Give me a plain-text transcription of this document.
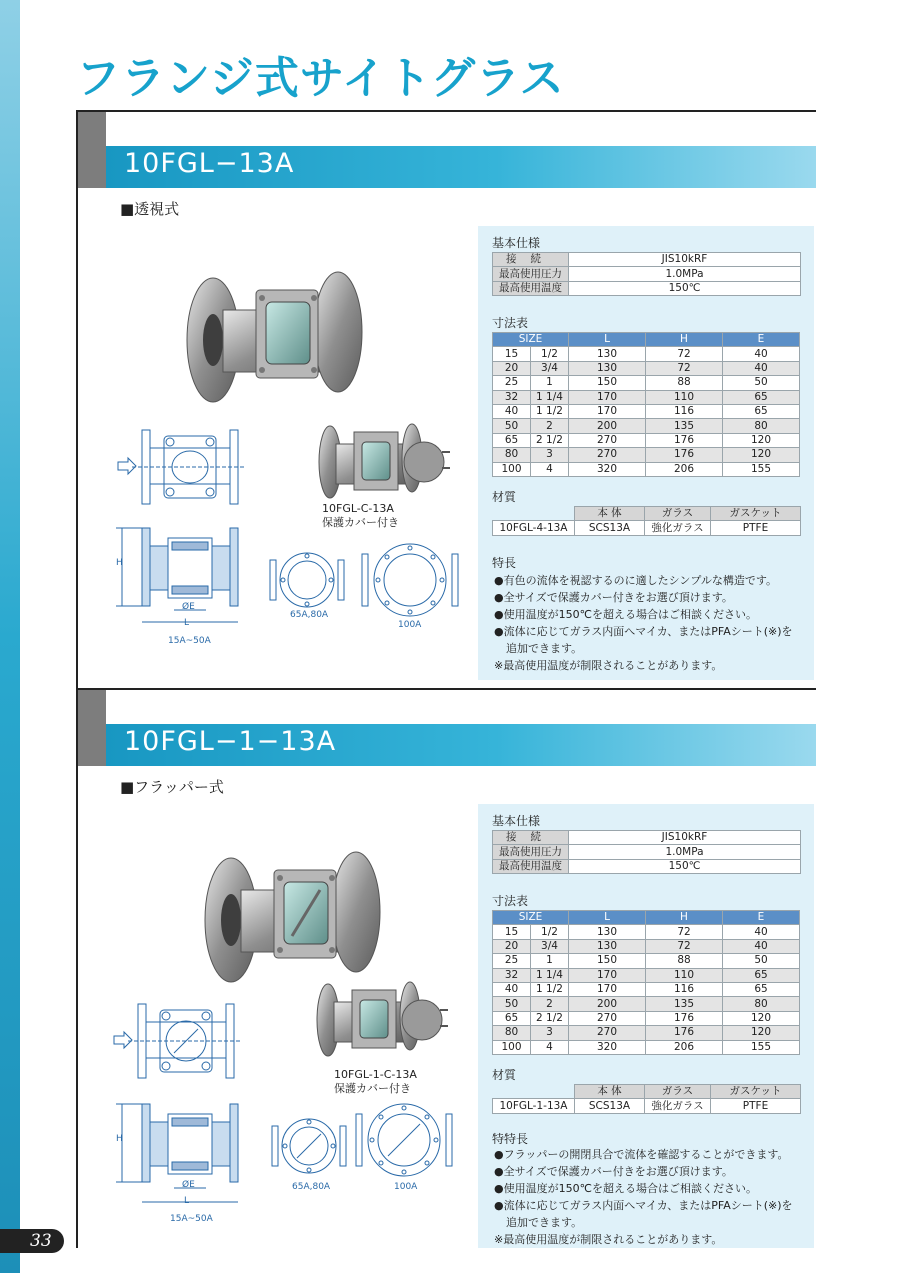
フランジ式サイトグラス
10FGL−13A
■透視式
10FGL-C-13A
保護カバー付き
H
ØE
L
15A~50A
65A,80A
100A
基本仕様
接続	JIS10kRF
最高使用圧力	1.0MPa
最高使用温度	150℃
寸法表
SIZE		L	H	E
15	1/2	130	72	40
20	3/4	130	72	40
25	1	150	88	50
32	1 1/4	170	110	65
40	1 1/2	170	116	65
50	2	200	135	80
65	2 1/2	270	176	120
80	3	270	176	120
100	4	320	206	155
材質
	本 体	ガラス	ガスケット
10FGL-4-13A	SCS13A	強化ガラス	PTFE
特長
●有色の流体を視認するのに適したシンプルな構造です。
●全サイズで保護カバー付きをお選び頂けます。
●使用温度が150℃を超える場合はご相談ください。
●流体に応じてガラス内面へマイカ、またはPFAシート(※)を
追加できます。
※最高使用温度が制限されることがあります。
10FGL−1−13A
■フラッパー式
10FGL-1-C-13A
保護カバー付き
H
ØE
L
15A~50A
65A,80A	100A
基本仕様
接続	JIS10kRF
最高使用圧力	1.0MPa
最高使用温度	150℃
寸法表
SIZE		L	H	E
15	1/2	130	72	40
20	3/4	130	72	40
25	1	150	88	50
32	1 1/4	170	110	65
40	1 1/2	170	116	65
50	2	200	135	80
65	2 1/2	270	176	120
80	3	270	176	120
100	4	320	206	155
材質
	本 体	ガラス	ガスケット
10FGL-1-13A	SCS13A	強化ガラス	PTFE
特特長
●フラッパーの開閉具合で流体を確認することができます。
●全サイズで保護カバー付きをお選び頂けます。
●使用温度が150℃を超える場合はご相談ください。
●流体に応じてガラス内面へマイカ、またはPFAシート(※)を
追加できます。
※最高使用温度が制限されることがあります。
33
